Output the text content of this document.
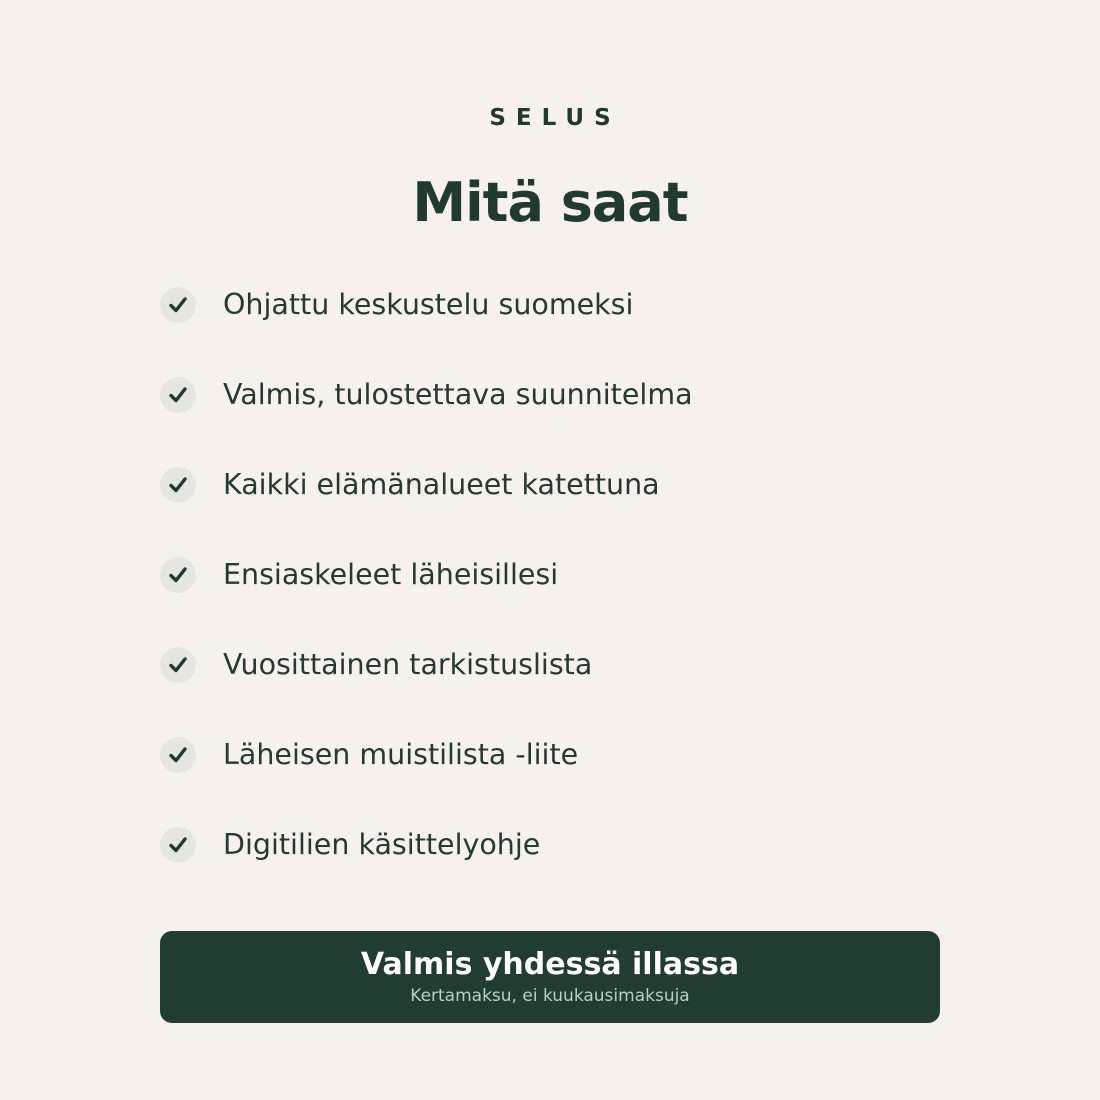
SELUS
Mitä saat
Ohjattu keskustelu suomeksi
Valmis, tulostettava suunnitelma
Kaikki elämänalueet katettuna
Ensiaskeleet läheisillesi
Vuosittainen tarkistuslista
Läheisen muistilista -liite
Digitilien käsittelyohje
Valmis yhdessä illassa
Kertamaksu, ei kuukausimaksuja
